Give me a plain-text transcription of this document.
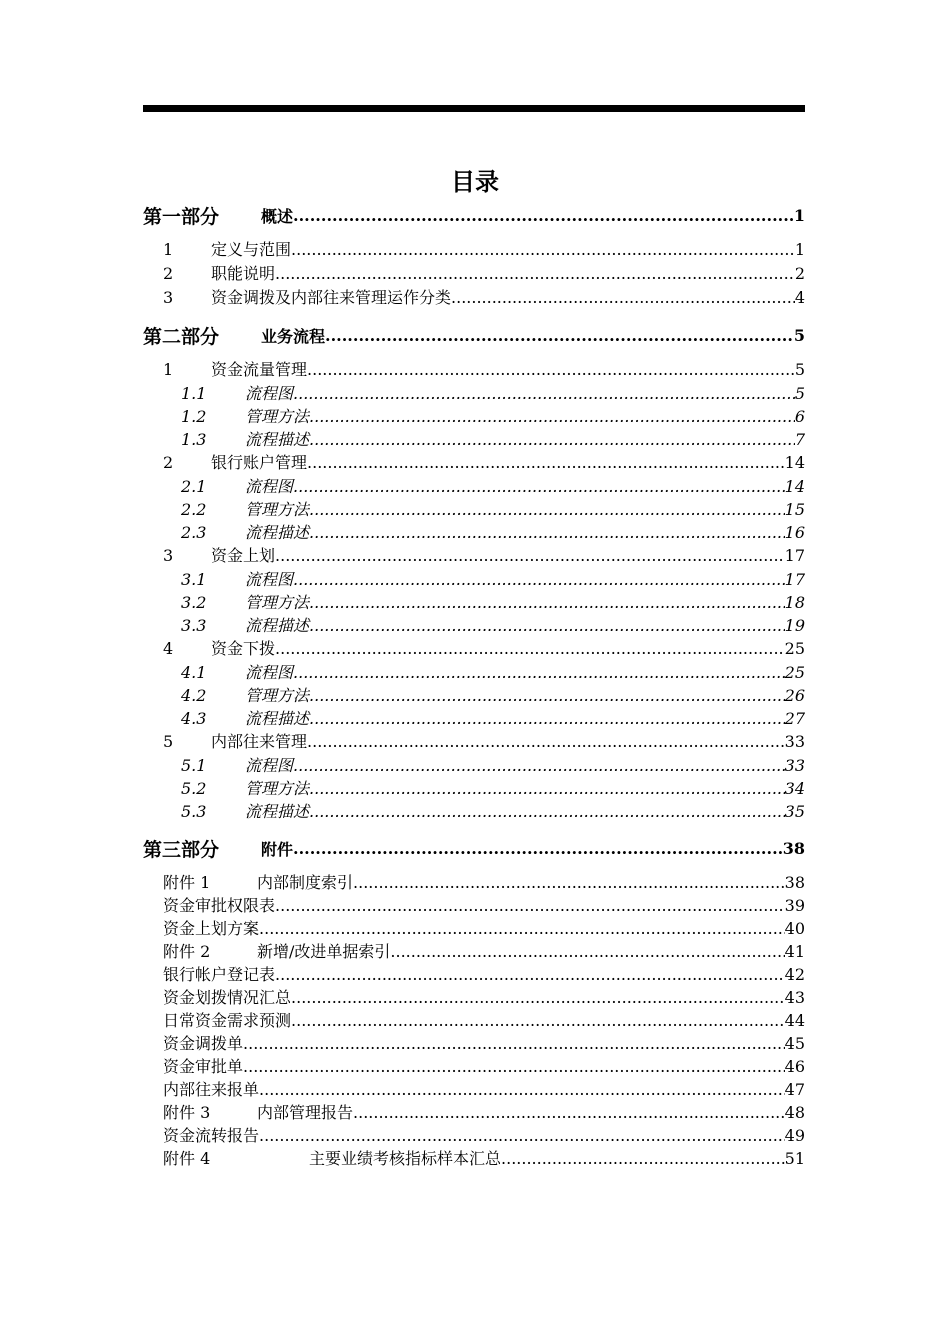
目录
第一部分	概述 .....	1
1	定义与范围 .....	1
2	职能说明 .....	2
3	资金调拨及内部往来管理运作分类 .....	4
第二部分	业务流程 .....	5
1	资金流量管理 .....	5
1.1	流程图 .....	5
1.2	管理方法 .....	6
1.3	流程描述 .....	7
2	银行账户管理 .....	14
2.1	流程图 .....	14
2.2	管理方法 .....	15
2.3	流程描述 .....	16
3	资金上划 .....	17
3.1	流程图 .....	17
3.2	管理方法 .....	18
3.3	流程描述 .....	19
4	资金下拨 .....	25
4.1	流程图 .....	25
4.2	管理方法 .....	26
4.3	流程描述 .....	27
5	内部往来管理 .....	33
5.1	流程图 .....	33
5.2	管理方法 .....	34
5.3	流程描述 .....	35
第三部分	附件 .....	38
附件 1	内部制度索引 .....	38
资金审批权限表 .....	39
资金上划方案 .....	40
附件 2	新增/改进单据索引 .....	41
银行帐户登记表 .....	42
资金划拨情况汇总 .....	43
日常资金需求预测 .....	44
资金调拨单 .....	45
资金审批单 .....	46
内部往来报单 .....	47
附件 3	内部管理报告 .....	48
资金流转报告 .....	49
附件 4	主要业绩考核指标样本汇总 .....	51
